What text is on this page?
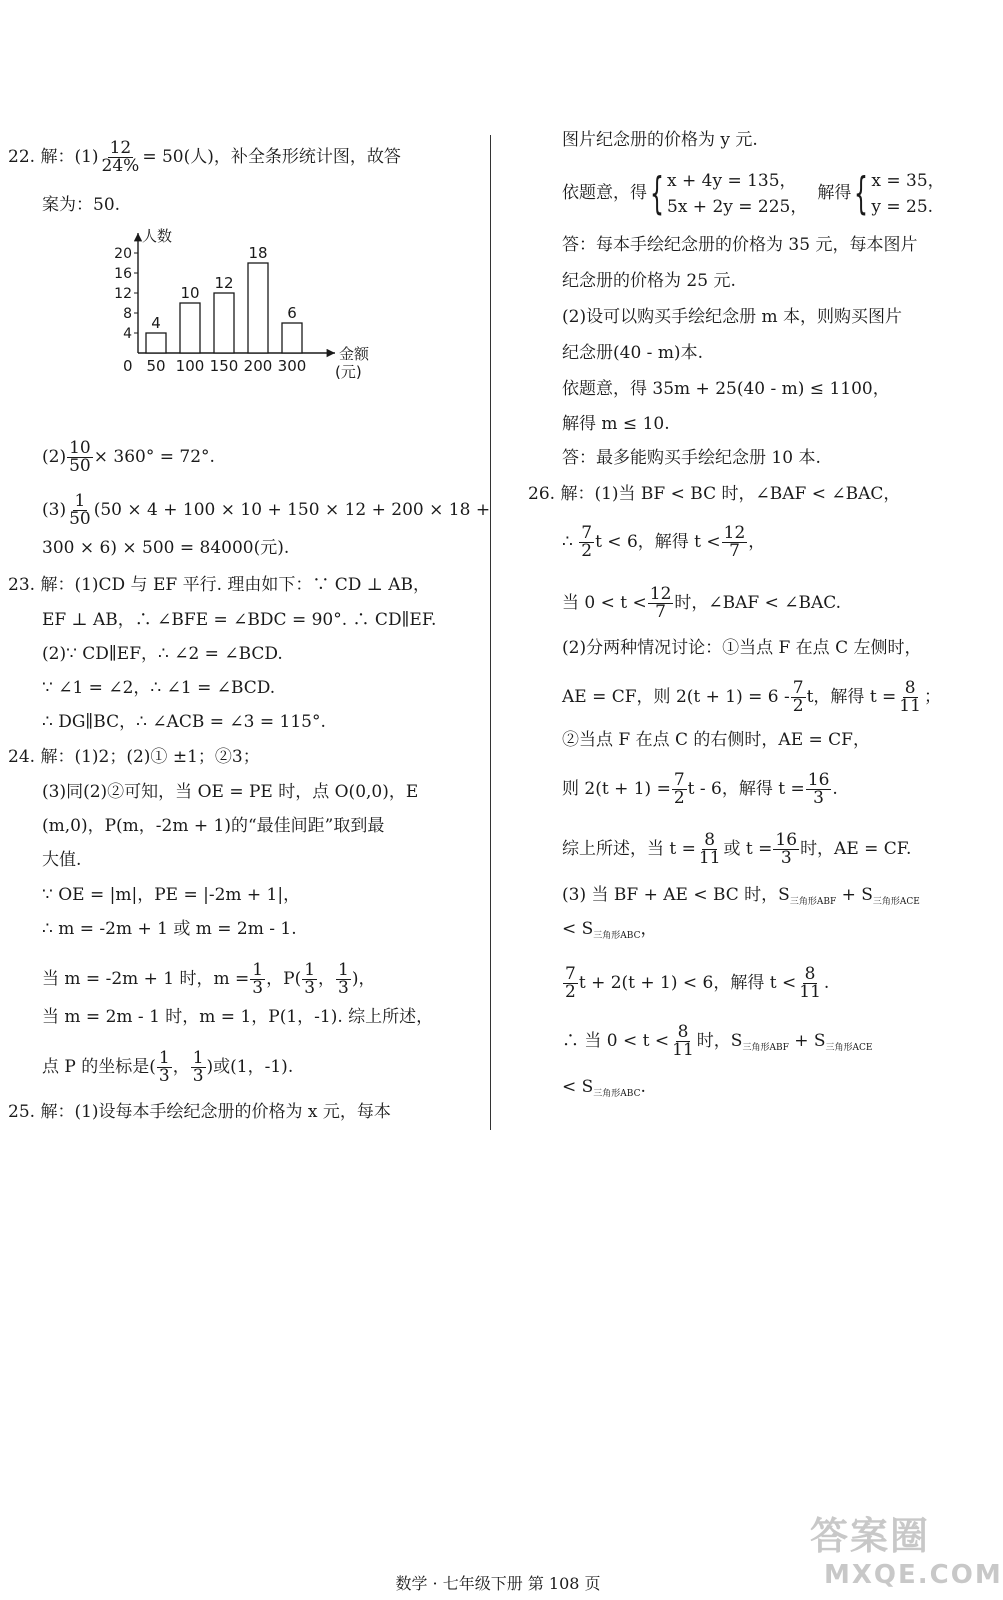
22. 解：$(1) \frac{12}{24\%} = 50$(人)，补全条形统计图，故答
案为：50.
人数
0
金额
(元)
4
8
12
16
20
4
50
10
100
12
150
18
200
6
300
$(2) \frac{10}{50} \times 360^\circ = 72^\circ$.
$(3) \frac{1}{50} (50 \times 4 + 100 \times 10 + 150 \times 12 + 200 \times 18$ +
300 × 6) × 500 = 84000(元).
23. 解：(1)CD 与 EF 平行. 理由如下：∵ CD ⊥ AB，
EF ⊥ AB，∴ ∠BFE = ∠BDC = 90°. ∴ CD∥EF.
(2)∵ CD∥EF，∴ ∠2 = ∠BCD.
∵ ∠1 = ∠2，∴ ∠1 = ∠BCD.
∴ DG∥BC，∴ ∠ACB = ∠3 = 115°.
24. 解：(1)2；(2)① ±1；②3；
(3)同(2)②可知，当 OE = PE 时，点 O(0,0)，E
(m,0)，P(m，-2m + 1)的“最佳间距”取到最
大值.
∵ OE = |m|，PE = |-2m + 1|，
∴ m = -2m + 1 或 m = 2m - 1.
当 m = -2m + 1 时，$m = \frac{1}{3}$ ，$P( \frac{1}{3}$ ， $\frac{1}{3}$ )，
当 m = 2m - 1 时，m = 1，P(1，-1). 综上所述，
点 P 的坐标是( $\frac{1}{3}$ ， $\frac{1}{3}$ )或(1，-1).
25. 解：(1)设每本手绘纪念册的价格为 x 元，每本
图片纪念册的价格为 y 元.
依题意，得 { x + 4y = 135，
5x + 2y = 225，
解得 { x = 35，
y = 25.
答：每本手绘纪念册的价格为 35 元，每本图片
纪念册的价格为 25 元.
(2)设可以购买手绘纪念册 m 本，则购买图片
纪念册(40 - m)本.
依题意，得 35m + 25(40 - m) ≤ 1100，
解得 m ≤ 10.
答：最多能购买手绘纪念册 10 本.
26. 解：(1)当 BF < BC 时，∠BAF < ∠BAC，
∴ $\frac{7}{2}$ t < 6，解得 $t < \frac{12}{7}$ ，
当 $0 < t < \frac{12}{7}$ 时，∠BAF < ∠BAC.
(2)分两种情况讨论：①当点 F 在点 C 左侧时，
AE = CF，则 $2(t + 1) = 6 - \frac{7}{2}$ t，解得 $t = \frac{8}{11}$ ；
②当点 F 在点 C 的右侧时，AE = CF，
则 $2(t + 1) = \frac{7}{2}$ t - 6，解得 $t = \frac{16}{3}$ .
综上所述，当 $t = \frac{8}{11}$ 或 $t = \frac{16}{3}$ 时，AE = CF.
(3) 当 BF + AE < BC 时，$S_{三角形ABF} + S_{三角形ACE}$
< $S_{三角形ABC}$，
$\frac{7}{2}$ t + 2(t + 1) < 6，解得 $t < \frac{8}{11}$ .
∴ 当 $0 < t < \frac{8}{11}$ 时，$S_{三角形ABF} + S_{三角形ACE}$
< $S_{三角形ABC}$.
答案圈
MXQE.COM
数学 · 七年级下册 第 108 页
